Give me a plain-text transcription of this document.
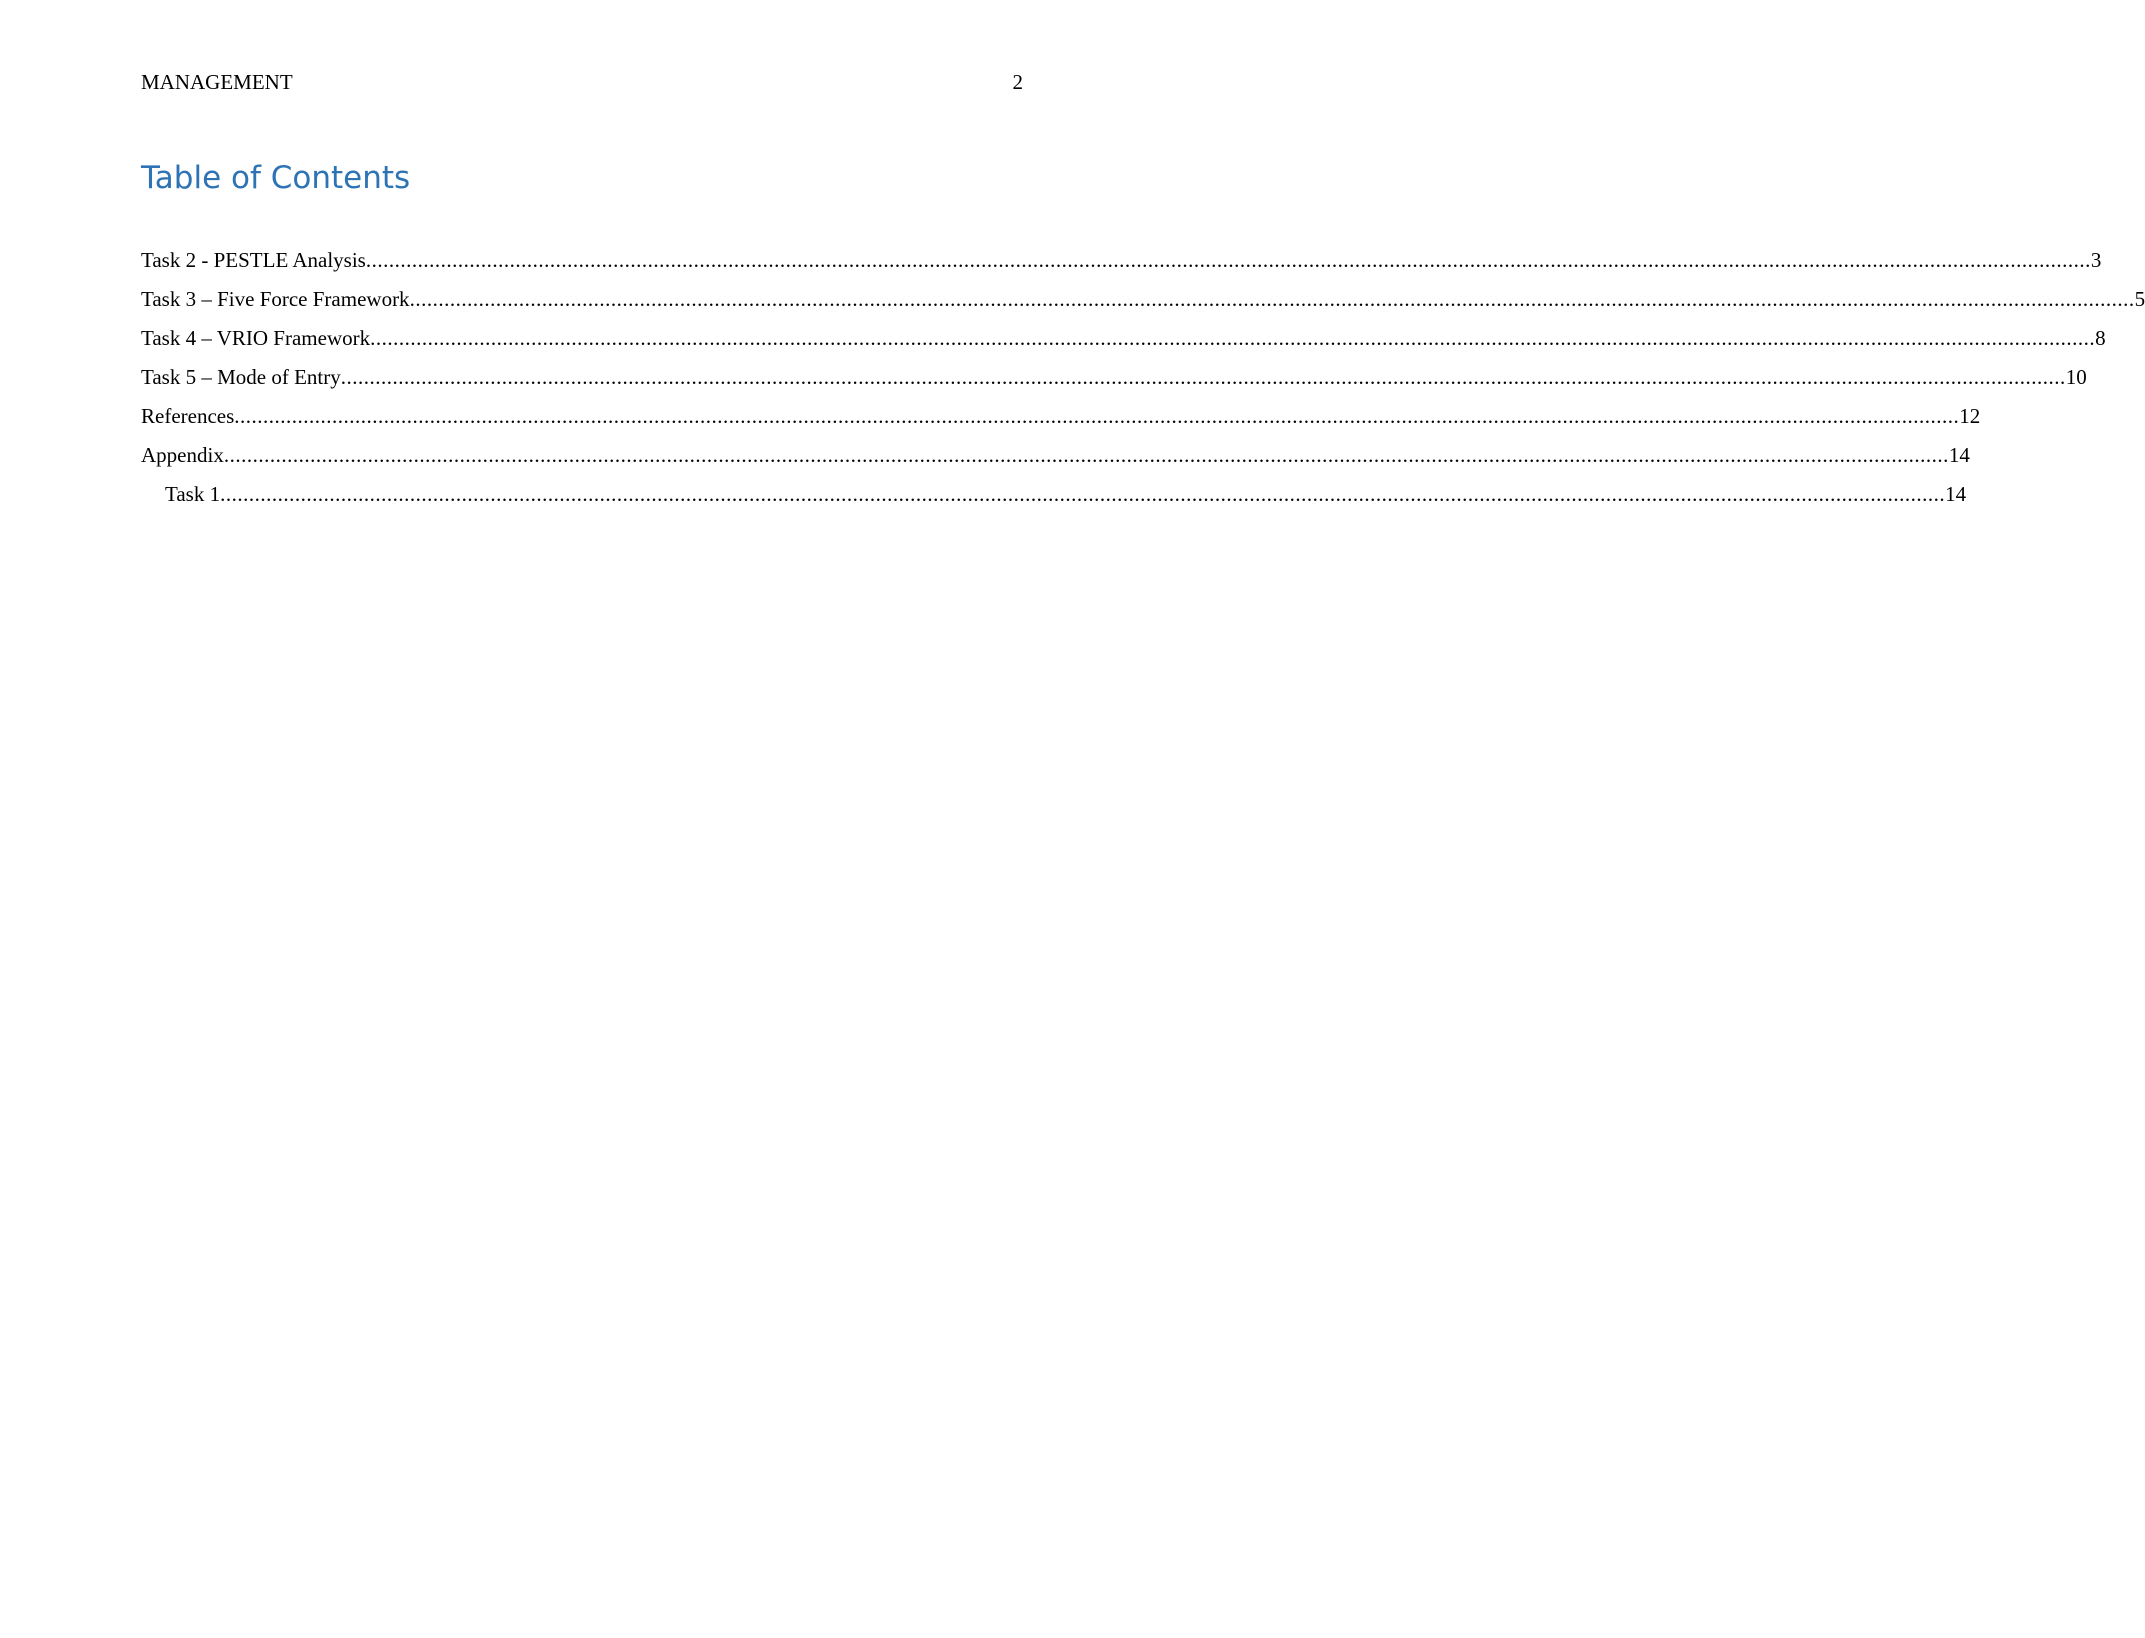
MANAGEMENT	2
Table of Contents
Task 2 - PESTLE Analysis ............................................................................................................................................................................................................................................................................................................ 3
Task 3 – Five Force Framework ............................................................................................................................................................................................................................................................................................................ 5
Task 4 – VRIO Framework ............................................................................................................................................................................................................................................................................................................ 8
Task 5 – Mode of Entry ............................................................................................................................................................................................................................................................................................................ 10
References ............................................................................................................................................................................................................................................................................................................ 12
Appendix ............................................................................................................................................................................................................................................................................................................ 14
Task 1 ............................................................................................................................................................................................................................................................................................................ 14
